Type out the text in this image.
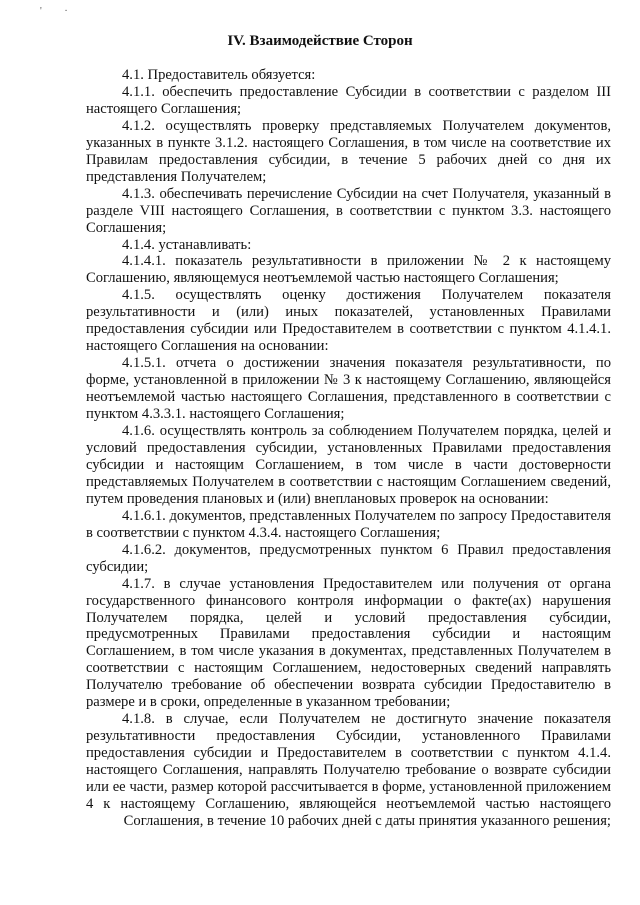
' ·
IV. Взаимодействие Сторон

4.1. Предоставитель обязуется:

4.1.1. обеспечить предоставление Субсидии в соответствии с разделом III настоящего Соглашения;

4.1.2. осуществлять проверку представляемых Получателем документов, указанных в пункте 3.1.2. настоящего Соглашения, в том числе на соответствие их Правилам предоставления субсидии, в течение 5 рабочих дней со дня их представления Получателем;

4.1.3. обеспечивать перечисление Субсидии на счет Получателя, указанный в разделе VIII настоящего Соглашения, в соответствии с пунктом 3.3. настоящего Соглашения;

4.1.4. устанавливать:

4.1.4.1. показатель результативности в приложении № 2 к настоящему Соглашению, являющемуся неотъемлемой частью настоящего Соглашения;

4.1.5. осуществлять оценку достижения Получателем показателя результативности и (или) иных показателей, установленных Правилами предоставления субсидии или Предоставителем в соответствии с пунктом 4.1.4.1. настоящего Соглашения на основании:

4.1.5.1. отчета о достижении значения показателя результативности, по форме, установленной в приложении № 3 к настоящему Соглашению, являющейся неотъемлемой частью настоящего Соглашения, представленного в соответствии с пунктом 4.3.3.1. настоящего Соглашения;

4.1.6. осуществлять контроль за соблюдением Получателем порядка, целей и условий предоставления субсидии, установленных Правилами предоставления субсидии и настоящим Соглашением, в том числе в части достоверности представляемых Получателем в соответствии с настоящим Соглашением сведений, путем проведения плановых и (или) внеплановых проверок на основании:

4.1.6.1. документов, представленных Получателем по запросу Предоставителя в соответствии с пунктом 4.3.4. настоящего Соглашения;

4.1.6.2. документов, предусмотренных пунктом 6 Правил предоставления субсидии;

4.1.7. в случае установления Предоставителем или получения от органа государственного финансового контроля информации о факте(ах) нарушения Получателем порядка, целей и условий предоставления субсидии, предусмотренных Правилами предоставления субсидии и настоящим Соглашением, в том числе указания в документах, представленных Получателем в соответствии с настоящим Соглашением, недостоверных сведений направлять Получателю требование об обеспечении возврата субсидии Предоставителю в размере и в сроки, определенные в указанном требовании;

4.1.8. в случае, если Получателем не достигнуто значение показателя результативности предоставления Субсидии, установленного Правилами предоставления субсидии и Предоставителем в соответствии с пунктом 4.1.4. настоящего Соглашения, направлять Получателю требование о возврате субсидии или ее части, размер которой рассчитывается в форме, установленной приложением 4 к настоящему Соглашению, являющейся неотъемлемой частью настоящего Соглашения, в течение 10 рабочих дней с даты принятия указанного решения;
